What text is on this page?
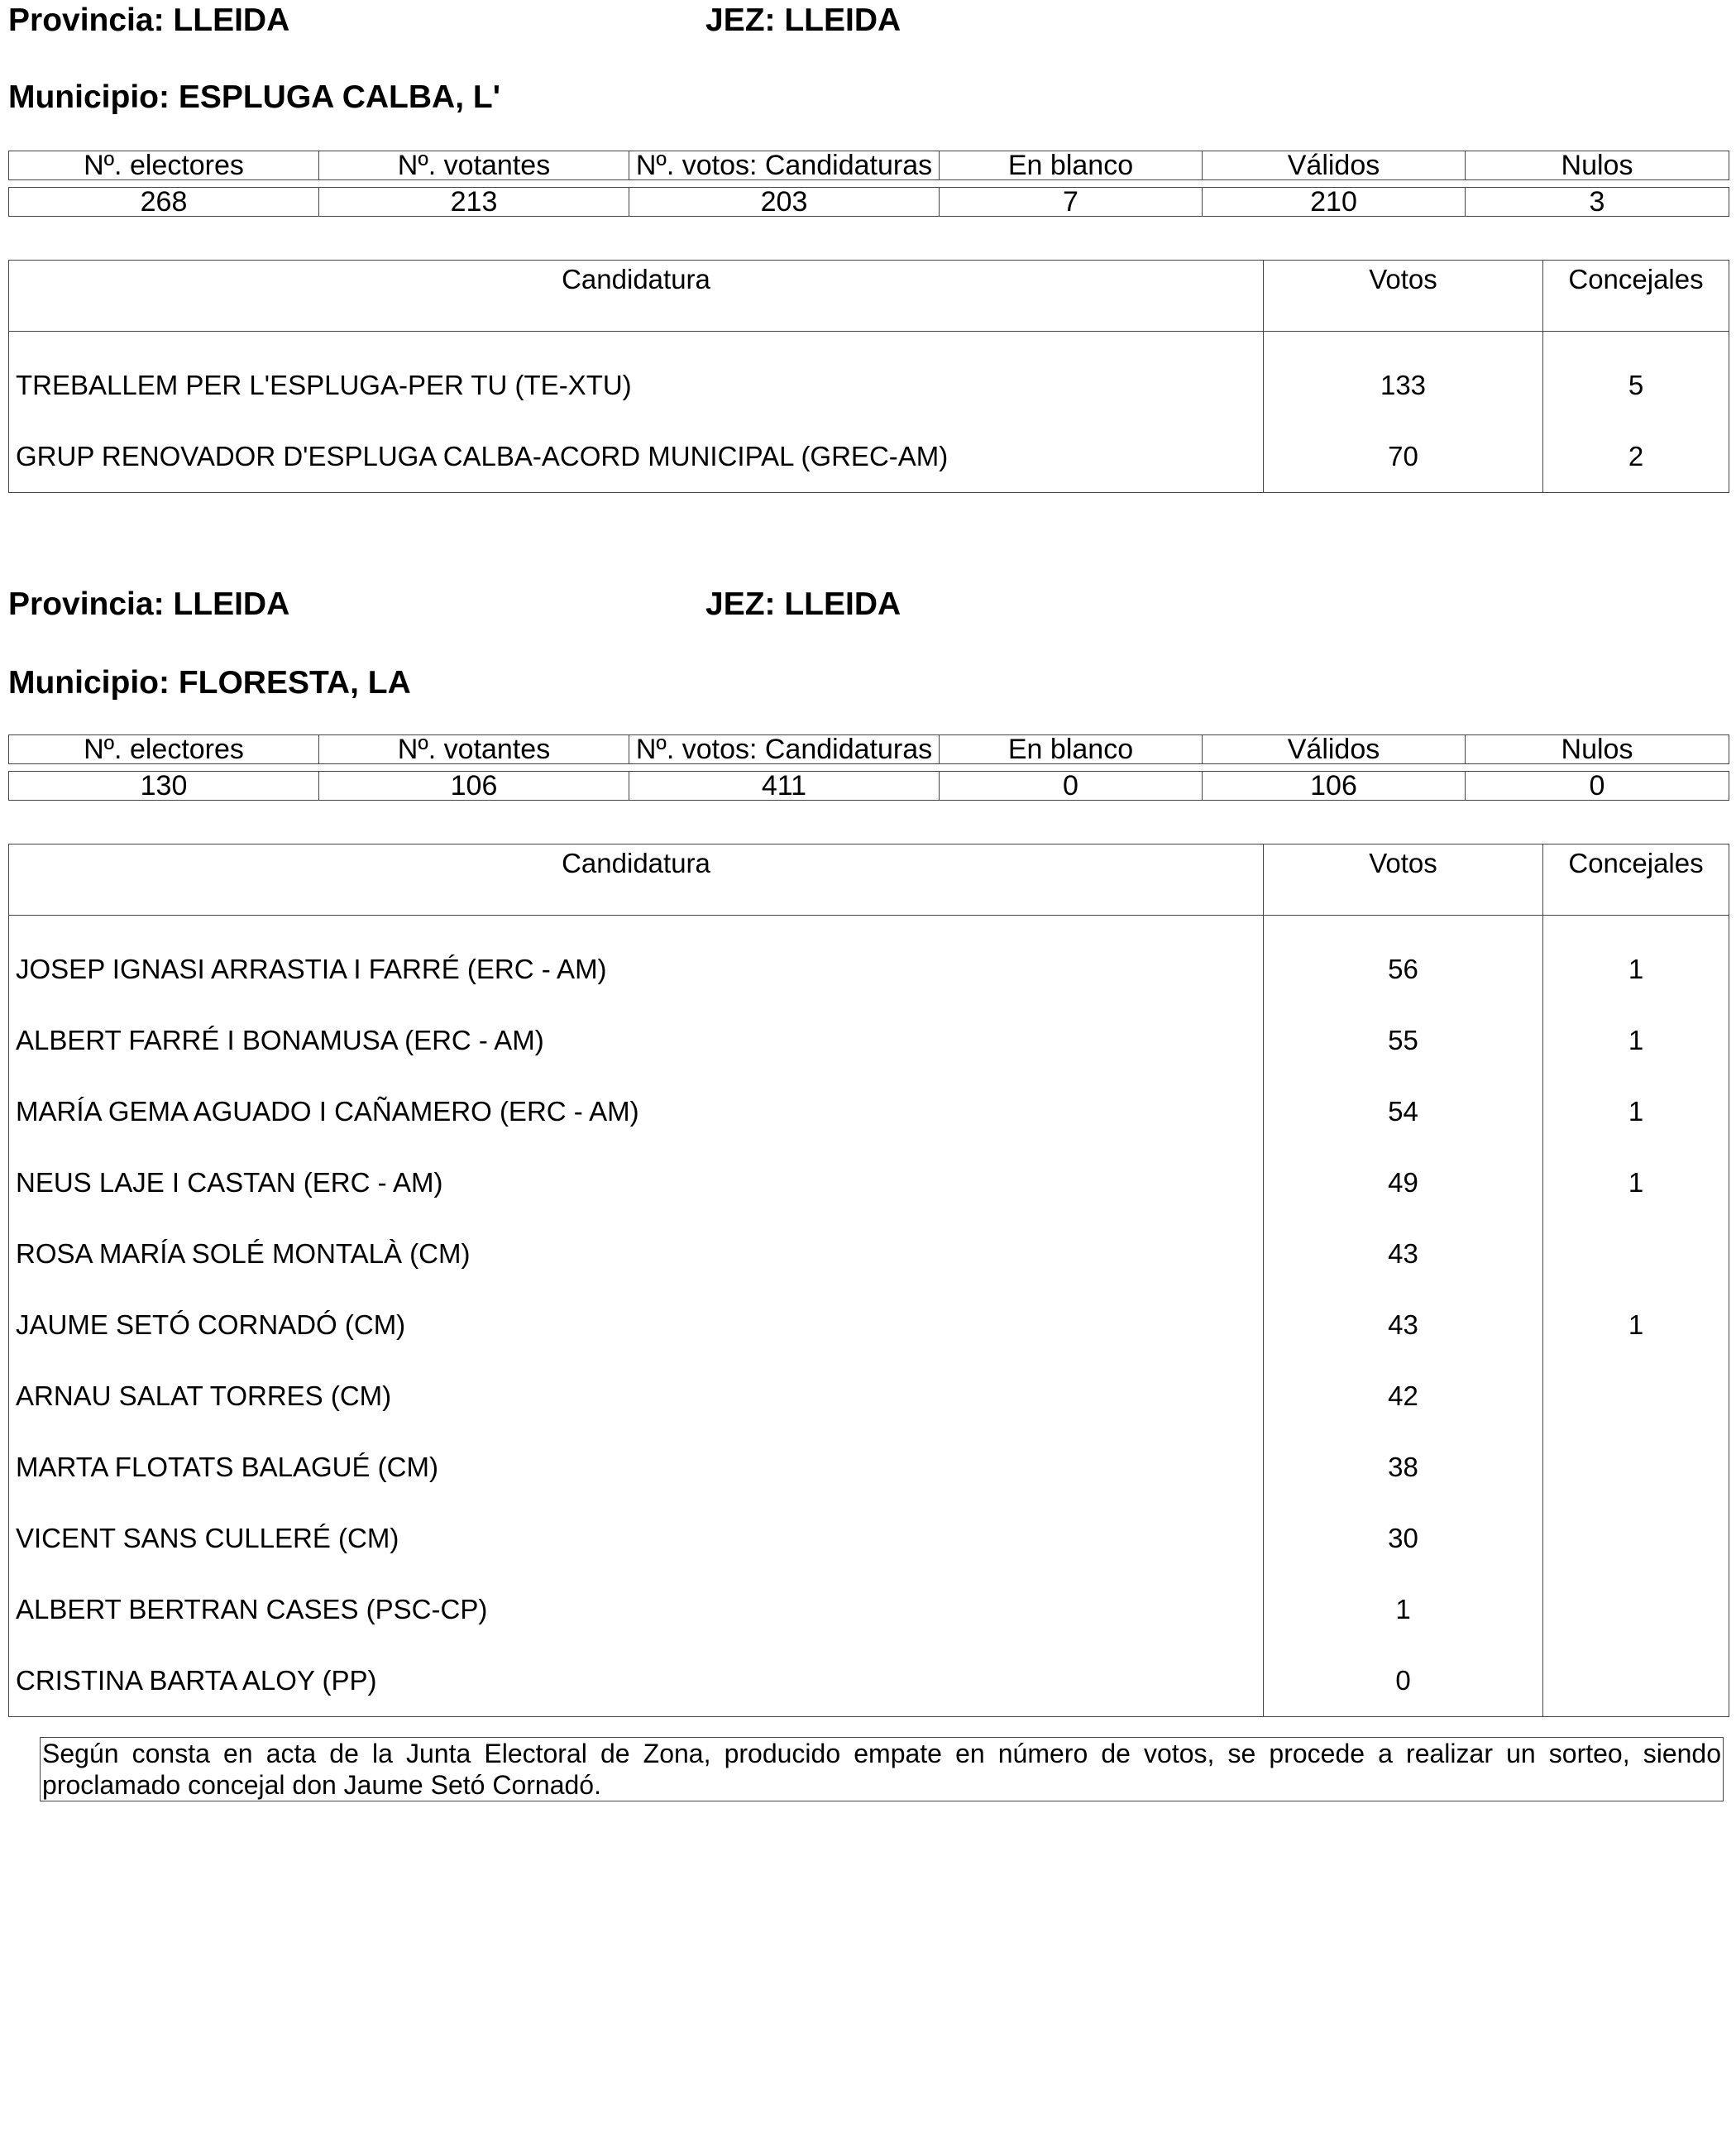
Provincia: LLEIDA	JEZ: LLEIDA
Municipio: ESPLUGA CALBA, L'
Nº. electores	Nº. votantes	Nº. votos: Candidaturas	En blanco	Válidos	Nulos

268	213	203	7	210	3
Candidatura	Votos	Concejales
TREBALLEM PER L'ESPLUGA-PER TU (TE-XTU)	133	5
GRUP RENOVADOR D'ESPLUGA CALBA-ACORD MUNICIPAL (GREC-AM)	70	2
Provincia: LLEIDA	JEZ: LLEIDA
Municipio: FLORESTA, LA
Nº. electores	Nº. votantes	Nº. votos: Candidaturas	En blanco	Válidos	Nulos

130	106	411	0	106	0
Candidatura	Votos	Concejales
JOSEP IGNASI ARRASTIA I FARRÉ (ERC - AM)	56	1
ALBERT FARRÉ I BONAMUSA (ERC - AM)	55	1
MARÍA GEMA AGUADO I CAÑAMERO (ERC - AM)	54	1
NEUS LAJE I CASTAN (ERC - AM)	49	1
ROSA MARÍA SOLÉ MONTALÀ (CM)	43	
JAUME SETÓ CORNADÓ (CM)	43	1
ARNAU SALAT TORRES (CM)	42	
MARTA FLOTATS BALAGUÉ (CM)	38	
VICENT SANS CULLERÉ (CM)	30	
ALBERT BERTRAN CASES (PSC-CP)	1	
CRISTINA BARTA ALOY (PP)	0	
Según consta en acta de la Junta Electoral de Zona, producido empate en número de votos, se procede a realizar un sorteo, siendo proclamado concejal don Jaume Setó Cornadó.
